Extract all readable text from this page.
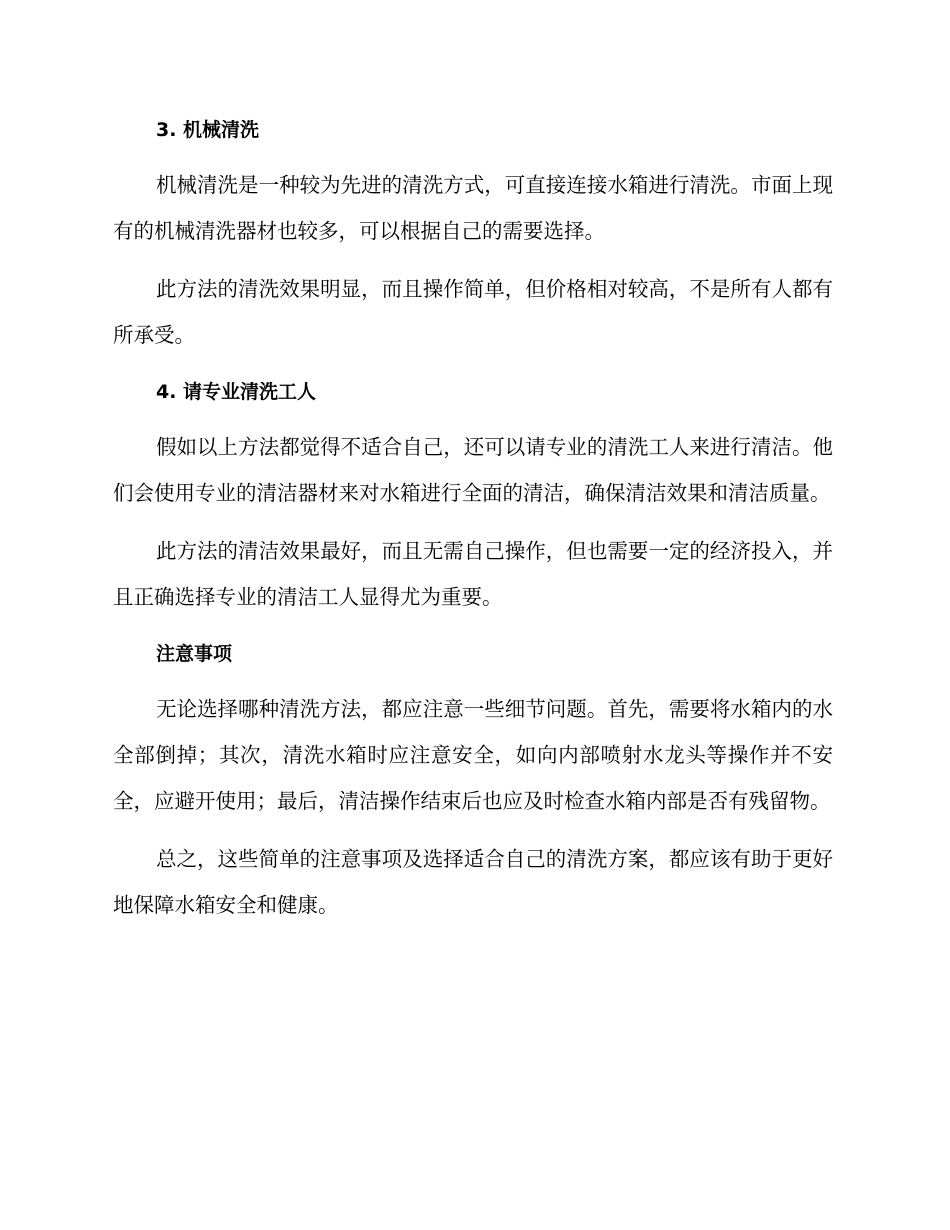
3. 机械清洗

机械清洗是一种较为先进的清洗方式，可直接连接水箱进行清洗。市面上现有的机械清洗器材也较多，可以根据自己的需要选择。

此方法的清洗效果明显，而且操作简单，但价格相对较高，不是所有人都有所承受。

4. 请专业清洗工人

假如以上方法都觉得不适合自己，还可以请专业的清洗工人来进行清洁。他们会使用专业的清洁器材来对水箱进行全面的清洁，确保清洁效果和清洁质量。

此方法的清洁效果最好，而且无需自己操作，但也需要一定的经济投入，并且正确选择专业的清洁工人显得尤为重要。

注意事项

无论选择哪种清洗方法，都应注意一些细节问题。首先，需要将水箱内的水全部倒掉；其次，清洗水箱时应注意安全，如向内部喷射水龙头等操作并不安全，应避开使用；最后，清洁操作结束后也应及时检查水箱内部是否有残留物。

总之，这些简单的注意事项及选择适合自己的清洗方案，都应该有助于更好地保障水箱安全和健康。
